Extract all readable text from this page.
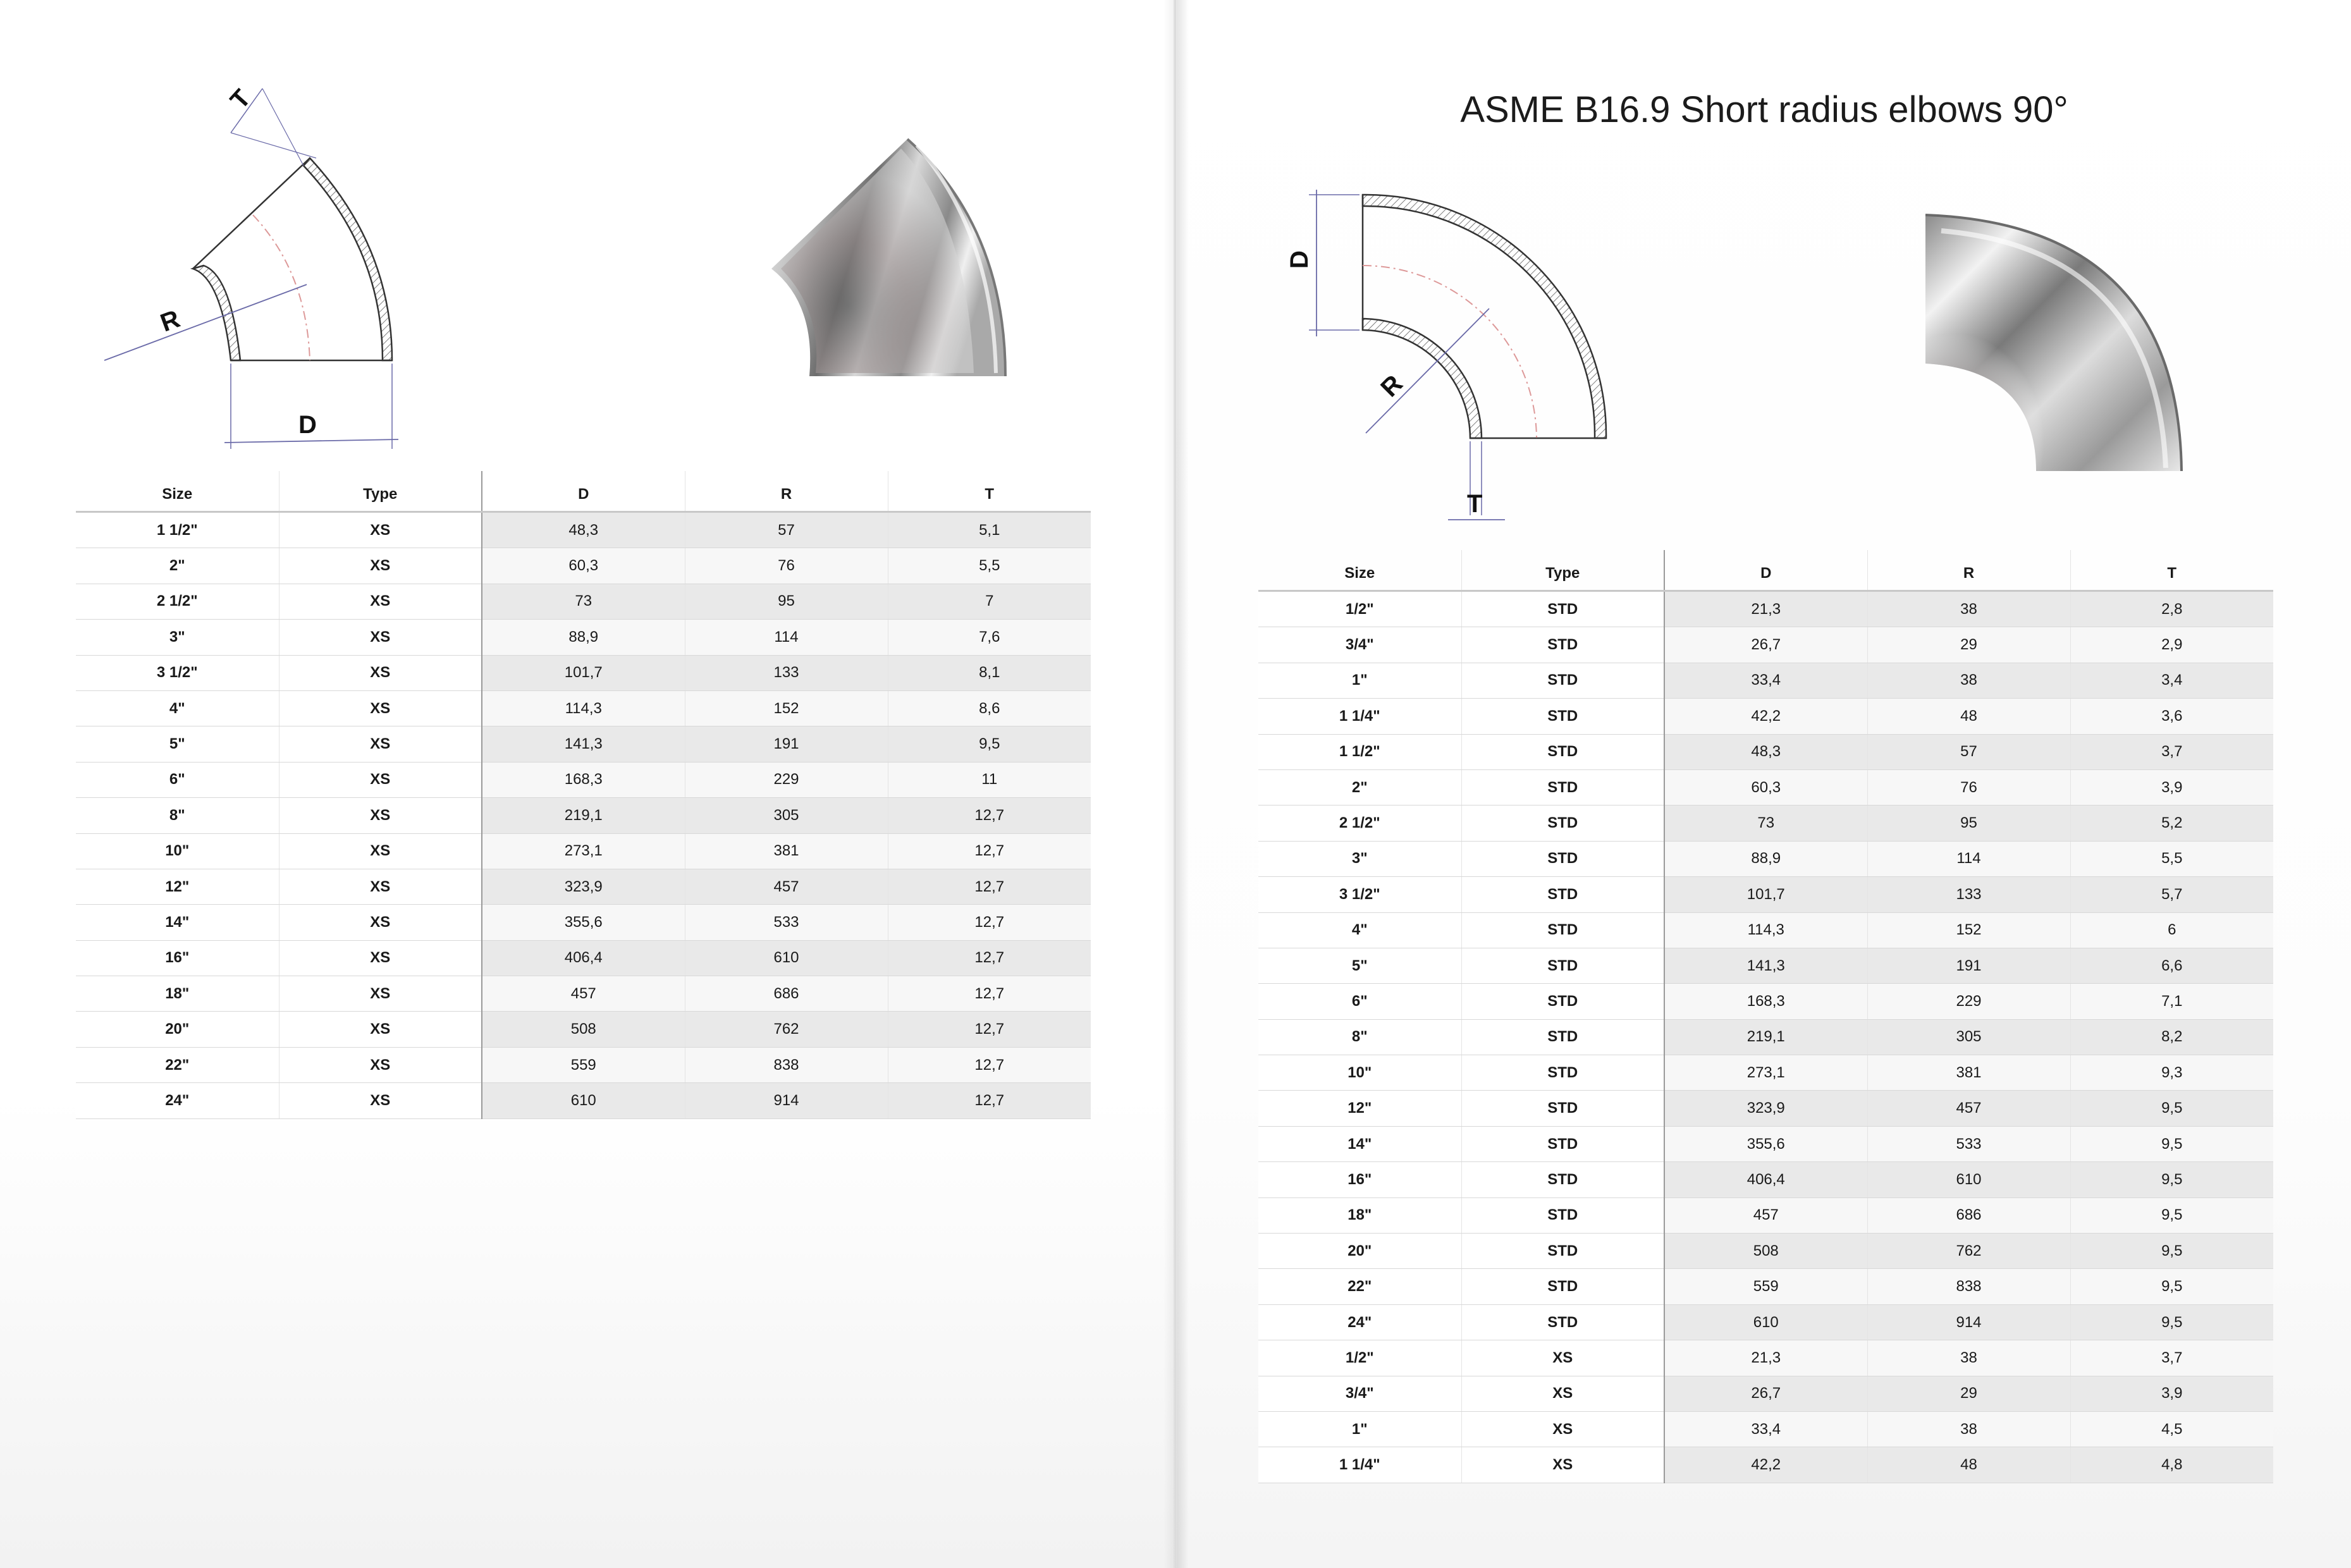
T
R
D
Size	Type	D	R	T
1 1/2"	XS	48,3	57	5,1
2"	XS	60,3	76	5,5
2 1/2"	XS	73	95	7
3"	XS	88,9	114	7,6
3 1/2"	XS	101,7	133	8,1
4"	XS	114,3	152	8,6
5"	XS	141,3	191	9,5
6"	XS	168,3	229	11
8"	XS	219,1	305	12,7
10"	XS	273,1	381	12,7
12"	XS	323,9	457	12,7
14"	XS	355,6	533	12,7
16"	XS	406,4	610	12,7
18"	XS	457	686	12,7
20"	XS	508	762	12,7
22"	XS	559	838	12,7
24"	XS	610	914	12,7
ASME B16.9 Short radius elbows 90°
D
R
T
Size	Type	D	R	T
1/2"	STD	21,3	38	2,8
3/4"	STD	26,7	29	2,9
1"	STD	33,4	38	3,4
1 1/4"	STD	42,2	48	3,6
1 1/2"	STD	48,3	57	3,7
2"	STD	60,3	76	3,9
2 1/2"	STD	73	95	5,2
3"	STD	88,9	114	5,5
3 1/2"	STD	101,7	133	5,7
4"	STD	114,3	152	6
5"	STD	141,3	191	6,6
6"	STD	168,3	229	7,1
8"	STD	219,1	305	8,2
10"	STD	273,1	381	9,3
12"	STD	323,9	457	9,5
14"	STD	355,6	533	9,5
16"	STD	406,4	610	9,5
18"	STD	457	686	9,5
20"	STD	508	762	9,5
22"	STD	559	838	9,5
24"	STD	610	914	9,5
1/2"	XS	21,3	38	3,7
3/4"	XS	26,7	29	3,9
1"	XS	33,4	38	4,5
1 1/4"	XS	42,2	48	4,8
